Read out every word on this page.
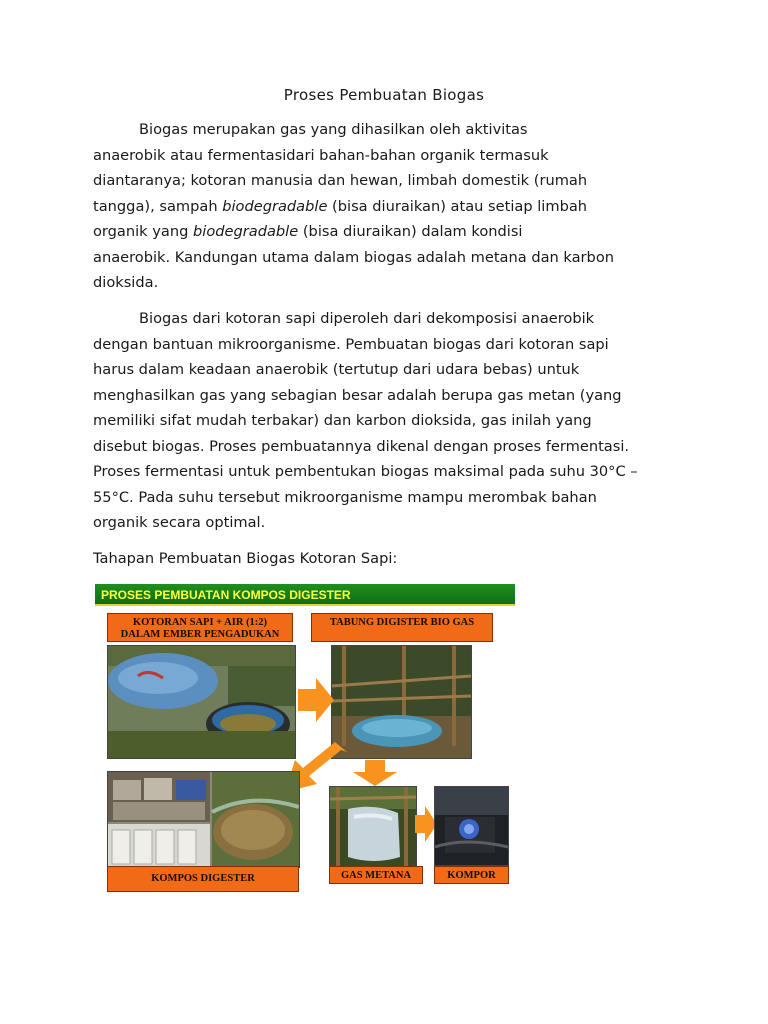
Proses Pembuatan Biogas

Biogas merupakan gas yang dihasilkan oleh aktivitas
anaerobik atau fermentasidari bahan-bahan organik termasuk
diantaranya; kotoran manusia dan hewan, limbah domestik (rumah
tangga), sampah biodegradable (bisa diuraikan) atau setiap limbah
organik yang biodegradable (bisa diuraikan) dalam kondisi
anaerobik. Kandungan utama dalam biogas adalah metana dan karbon
dioksida.

Biogas dari kotoran sapi diperoleh dari dekomposisi anaerobik
dengan bantuan mikroorganisme. Pembuatan biogas dari kotoran sapi
harus dalam keadaan anaerobik (tertutup dari udara bebas) untuk
menghasilkan gas yang sebagian besar adalah berupa gas metan (yang
memiliki sifat mudah terbakar) dan karbon dioksida, gas inilah yang
disebut biogas. Proses pembuatannya dikenal dengan proses fermentasi.
Proses fermentasi untuk pembentukan biogas maksimal pada suhu 30°C –
55°C. Pada suhu tersebut mikroorganisme mampu merombak bahan
organik secara optimal.

Tahapan Pembuatan Biogas Kotoran Sapi:

PROSES PEMBUATAN KOMPOS DIGESTER
KOTORAN SAPI + AIR (1:2)
DALAM EMBER PENGADUKAN
TABUNG DIGISTER BIO GAS
KOMPOS DIGESTER	GAS METANA	KOMPOR
